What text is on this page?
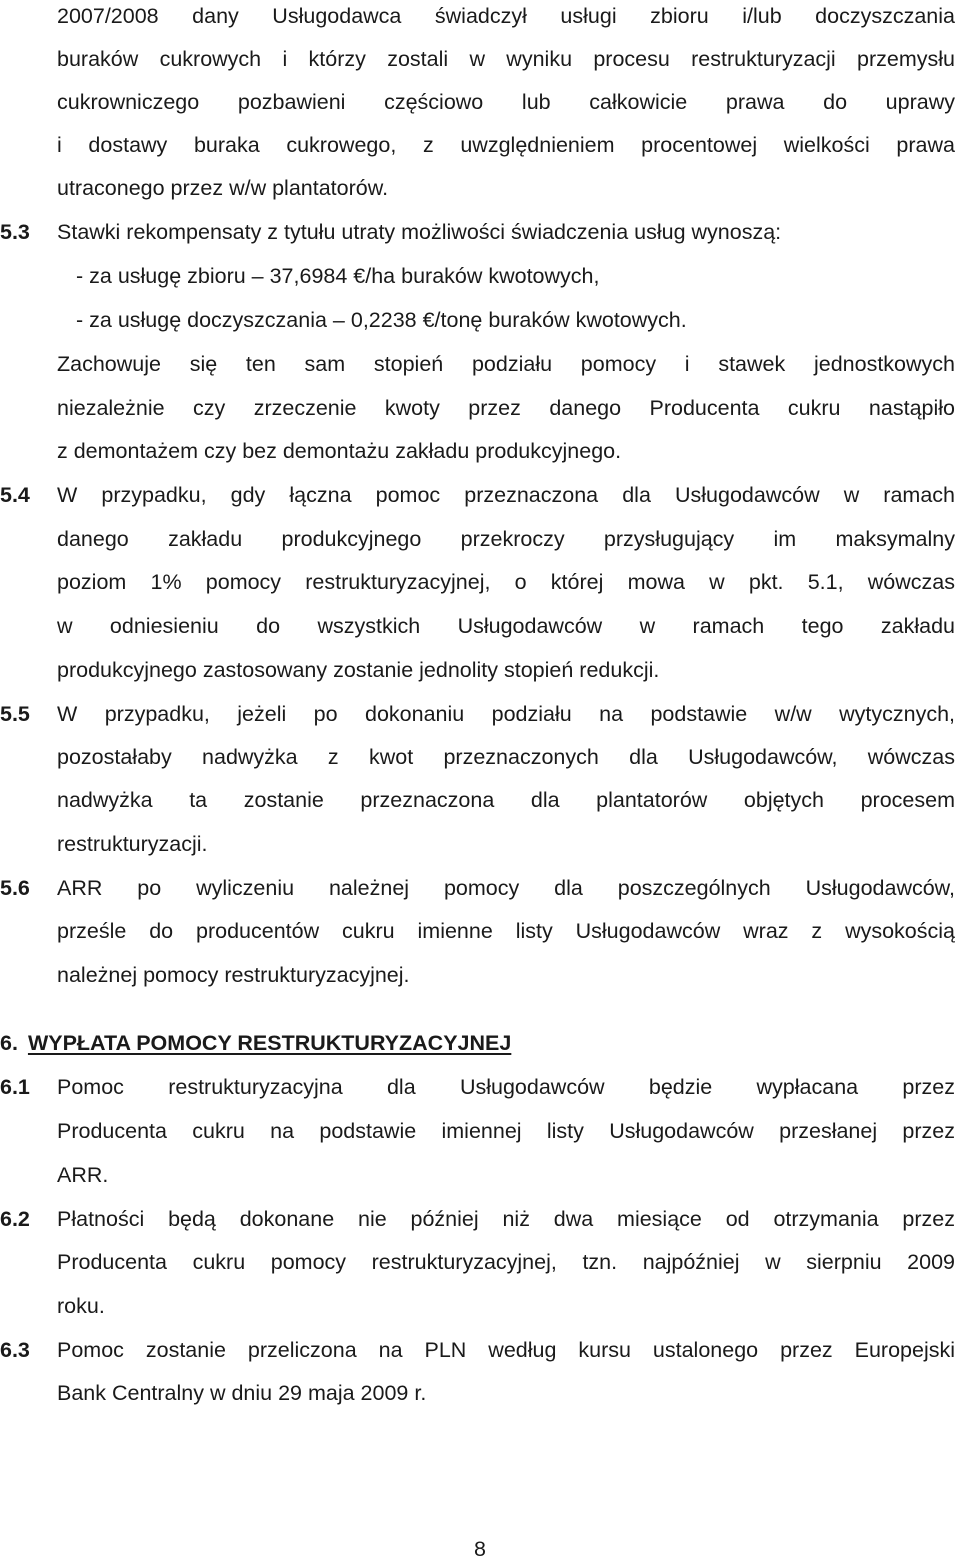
2007/2008 dany Usługodawca świadczył usługi zbioru i/lub doczyszczania
buraków cukrowych i którzy zostali w wyniku procesu restrukturyzacji przemysłu
cukrowniczego pozbawieni częściowo lub całkowicie prawa do uprawy
i dostawy buraka cukrowego, z uwzględnieniem procentowej wielkości prawa
utraconego przez w/w plantatorów.
5.3 Stawki rekompensaty z tytułu utraty możliwości świadczenia usług wynoszą:
- za usługę zbioru – 37,6984 €/ha buraków kwotowych,
- za usługę doczyszczania – 0,2238 €/tonę buraków kwotowych.
Zachowuje się ten sam stopień podziału pomocy i stawek jednostkowych
niezależnie czy zrzeczenie kwoty przez danego Producenta cukru nastąpiło
z demontażem czy bez demontażu zakładu produkcyjnego.
5.4 W przypadku, gdy łączna pomoc przeznaczona dla Usługodawców w ramach
danego zakładu produkcyjnego przekroczy przysługujący im maksymalny
poziom 1% pomocy restrukturyzacyjnej, o której mowa w pkt. 5.1, wówczas
w odniesieniu do wszystkich Usługodawców w ramach tego zakładu
produkcyjnego zastosowany zostanie jednolity stopień redukcji.
5.5 W przypadku, jeżeli po dokonaniu podziału na podstawie w/w wytycznych,
pozostałaby nadwyżka z kwot przeznaczonych dla Usługodawców, wówczas
nadwyżka ta zostanie przeznaczona dla plantatorów objętych procesem
restrukturyzacji.
5.6 ARR po wyliczeniu należnej pomocy dla poszczególnych Usługodawców,
prześle do producentów cukru imienne listy Usługodawców wraz z wysokością
należnej pomocy restrukturyzacyjnej.
6. WYPŁATA POMOCY RESTRUKTURYZACYJNEJ
6.1 Pomoc restrukturyzacyjna dla Usługodawców będzie wypłacana przez
Producenta cukru na podstawie imiennej listy Usługodawców przesłanej przez
ARR.
6.2 Płatności będą dokonane nie później niż dwa miesiące od otrzymania przez
Producenta cukru pomocy restrukturyzacyjnej, tzn. najpóźniej w sierpniu 2009
roku.
6.3 Pomoc zostanie przeliczona na PLN według kursu ustalonego przez Europejski
Bank Centralny w dniu 29 maja 2009 r.
8
